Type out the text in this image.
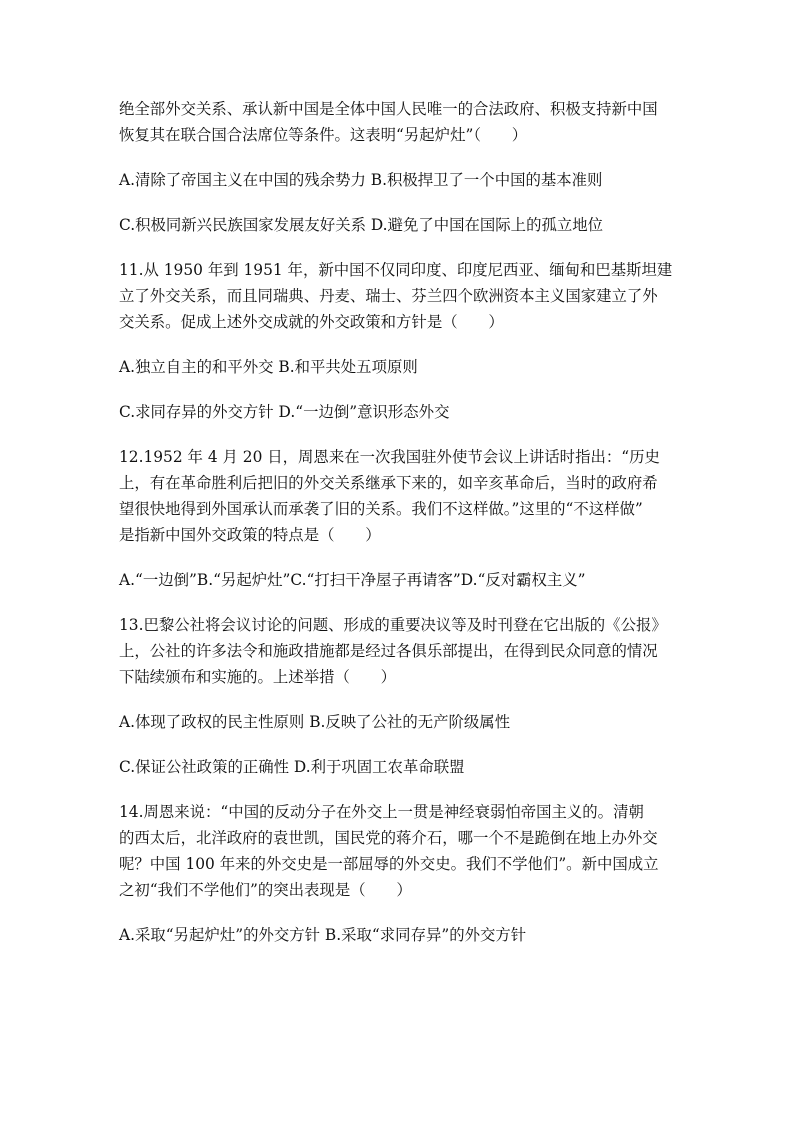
绝全部外交关系、承认新中国是全体中国人民唯一的合法政府、积极支持新中国
恢复其在联合国合法席位等条件。这表明“另起炉灶”（　　）

A.清除了帝国主义在中国的残余势力 B.积极捍卫了一个中国的基本准则

C.积极同新兴民族国家发展友好关系 D.避免了中国在国际上的孤立地位

11.从 1950 年到 1951 年，新中国不仅同印度、印度尼西亚、缅甸和巴基斯坦建
立了外交关系，而且同瑞典、丹麦、瑞士、芬兰四个欧洲资本主义国家建立了外
交关系。促成上述外交成就的外交政策和方针是（　　）

A.独立自主的和平外交 B.和平共处五项原则

C.求同存异的外交方针 D.“一边倒”意识形态外交

12.1952 年 4 月 20 日，周恩来在一次我国驻外使节会议上讲话时指出：“历史
上，有在革命胜利后把旧的外交关系继承下来的，如辛亥革命后，当时的政府希
望很快地得到外国承认而承袭了旧的关系。我们不这样做。”这里的“不这样做”
是指新中国外交政策的特点是（　　）

A.“一边倒”B.“另起炉灶”C.“打扫干净屋子再请客”D.“反对霸权主义”

13.巴黎公社将会议讨论的问题、形成的重要决议等及时刊登在它出版的《公报》
上，公社的许多法令和施政措施都是经过各俱乐部提出，在得到民众同意的情况
下陆续颁布和实施的。上述举措（　　）

A.体现了政权的民主性原则 B.反映了公社的无产阶级属性

C.保证公社政策的正确性 D.利于巩固工农革命联盟

14.周恩来说：“中国的反动分子在外交上一贯是神经衰弱怕帝国主义的。清朝
的西太后，北洋政府的袁世凯，国民党的蒋介石，哪一个不是跪倒在地上办外交
呢？中国 100 年来的外交史是一部屈辱的外交史。我们不学他们”。新中国成立
之初“我们不学他们”的突出表现是（　　）

A.采取“另起炉灶”的外交方针 B.采取“求同存异”的外交方针
